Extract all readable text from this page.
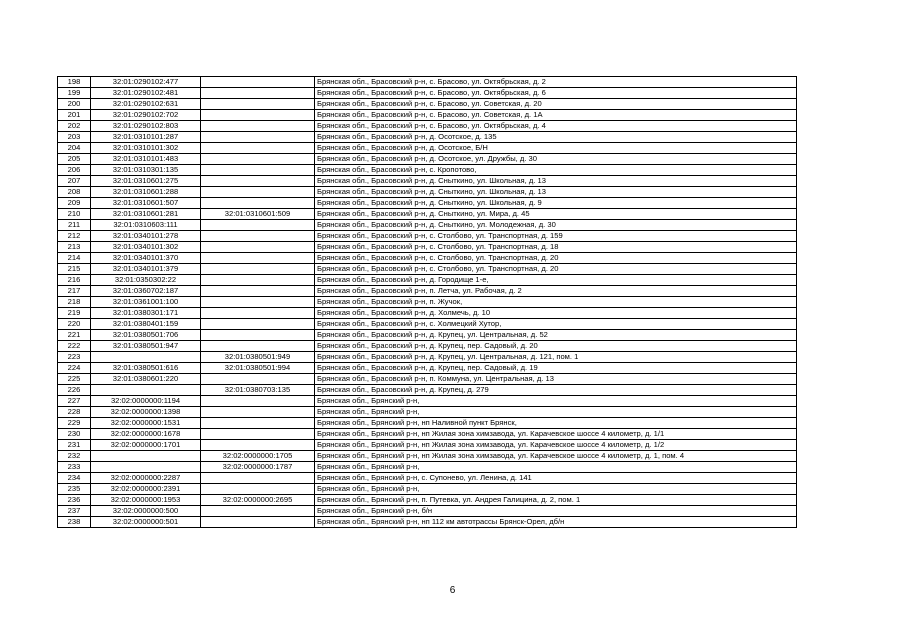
198	32:01:0290102:477		Брянская обл., Брасовский р-н, с. Брасово, ул. Октябрьская, д. 2
199	32:01:0290102:481		Брянская обл., Брасовский р-н, с. Брасово, ул. Октябрьская, д. 6
200	32:01:0290102:631		Брянская обл., Брасовский р-н, с. Брасово, ул. Советская, д. 20
201	32:01:0290102:702		Брянская обл., Брасовский р-н, с. Брасово, ул. Советская, д. 1А
202	32:01:0290102:803		Брянская обл., Брасовский р-н, с. Брасово, ул. Октябрьская, д. 4
203	32:01:0310101:287		Брянская обл., Брасовский р-н, д. Осотское, д. 135
204	32:01:0310101:302		Брянская обл., Брасовский р-н, д. Осотское, Б/Н
205	32:01:0310101:483		Брянская обл., Брасовский р-н, д. Осотское, ул. Дружбы, д. 30
206	32:01:0310301:135		Брянская обл., Брасовский р-н, с. Кропотово,
207	32:01:0310601:275		Брянская обл., Брасовский р-н, д. Сныткино, ул. Школьная, д. 13
208	32:01:0310601:288		Брянская обл., Брасовский р-н, д. Сныткино, ул. Школьная, д. 13
209	32:01:0310601:507		Брянская обл., Брасовский р-н, д. Сныткино, ул. Школьная, д. 9
210	32:01:0310601:281	32:01:0310601:509	Брянская обл., Брасовский р-н, д. Сныткино, ул. Мира, д. 45
211	32:01:0310603:111		Брянская обл., Брасовский р-н, д. Сныткино, ул. Молодежная, д. 30
212	32:01:0340101:278		Брянская обл., Брасовский р-н, с. Столбово, ул. Транспортная, д. 159
213	32:01:0340101:302		Брянская обл., Брасовский р-н, с. Столбово, ул. Транспортная, д. 18
214	32:01:0340101:370		Брянская обл., Брасовский р-н, с. Столбово, ул. Транспортная, д. 20
215	32:01:0340101:379		Брянская обл., Брасовский р-н, с. Столбово, ул. Транспортная, д. 20
216	32:01:0350302:22		Брянская обл., Брасовский р-н, д. Городище 1-е,
217	32:01:0360702:187		Брянская обл., Брасовский р-н, п. Летча, ул. Рабочая, д. 2
218	32:01:0361001:100		Брянская обл., Брасовский р-н, п. Жучок,
219	32:01:0380301:171		Брянская обл., Брасовский р-н, д. Холмечь, д. 10
220	32:01:0380401:159		Брянская обл., Брасовский р-н, с. Холмецкий Хутор,
221	32:01:0380501:706		Брянская обл., Брасовский р-н, д. Крупец, ул. Центральная, д. 52
222	32:01:0380501:947		Брянская обл., Брасовский р-н, д. Крупец, пер. Садовый, д. 20
223		32:01:0380501:949	Брянская обл., Брасовский р-н, д. Крупец, ул. Центральная, д. 121, пом. 1
224	32:01:0380501:616	32:01:0380501:994	Брянская обл., Брасовский р-н, д. Крупец, пер. Садовый, д. 19
225	32:01:0380601:220		Брянская обл., Брасовский р-н, п. Коммуна, ул. Центральная, д. 13
226		32:01:0380703:135	Брянская обл., Брасовский р-н, д. Крупец, д. 279
227	32:02:0000000:1194		Брянская обл., Брянский р-н,
228	32:02:0000000:1398		Брянская обл., Брянский р-н,
229	32:02:0000000:1531		Брянская обл., Брянский р-н, нп Наливной пункт Брянск,
230	32:02:0000000:1678		Брянская обл., Брянский р-н, нп Жилая зона химзавода, ул. Карачевское шоссе 4 километр, д. 1/1
231	32:02:0000000:1701		Брянская обл., Брянский р-н, нп Жилая зона химзавода, ул. Карачевское шоссе 4 километр, д. 1/2
232		32:02:0000000:1705	Брянская обл., Брянский р-н, нп Жилая зона химзавода, ул. Карачевское шоссе 4 километр, д. 1, пом. 4
233		32:02:0000000:1787	Брянская обл., Брянский р-н,
234	32:02:0000000:2287		Брянская обл., Брянский р-н, с. Супонево, ул. Ленина, д. 141
235	32:02:0000000:2391		Брянская обл., Брянский р-н,
236	32:02:0000000:1953	32:02:0000000:2695	Брянская обл., Брянский р-н, п. Путевка, ул. Андрея Галицина, д. 2, пом. 1
237	32:02:0000000:500		Брянская обл., Брянский р-н, б/н
238	32:02:0000000:501		Брянская обл., Брянский р-н, нп 112 км автотрассы Брянск-Орел, дб/н
6
